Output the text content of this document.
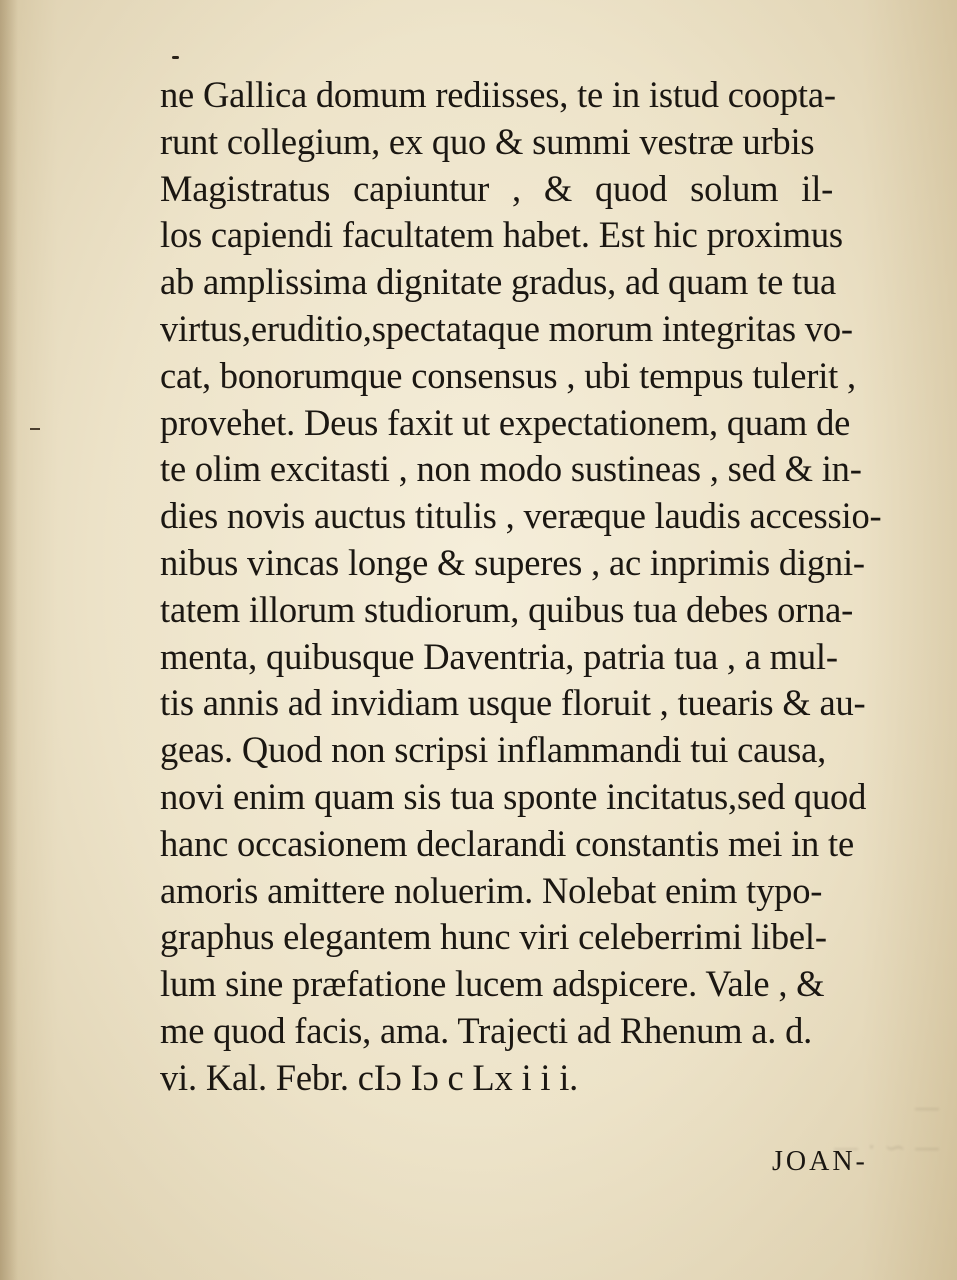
—
— ~ · —
ne Gallica domum rediisses, te in istud coopta-
runt collegium, ex quo & summi vestræ urbis
Magistratus capiuntur , & quod solum il-
los capiendi facultatem habet. Est hic proximus
ab amplissima dignitate gradus, ad quam te tua
virtus,eruditio,spectataque morum integritas vo-
cat, bonorumque consensus , ubi tempus tulerit ,
provehet. Deus faxit ut expectationem, quam de
te olim excitasti , non modo sustineas , sed & in-
dies novis auctus titulis , veræque laudis accessio-
nibus vincas longe & superes , ac inprimis digni-
tatem illorum studiorum, quibus tua debes orna-
menta, quibusque Daventria, patria tua , a mul-
tis annis ad invidiam usque floruit , tuearis & au-
geas. Quod non scripsi inflammandi tui causa,
novi enim quam sis tua sponte incitatus,sed quod
hanc occasionem declarandi constantis mei in te
amoris amittere noluerim. Nolebat enim typo-
graphus elegantem hunc viri celeberrimi libel-
lum sine præfatione lucem adspicere. Vale , &
me quod facis, ama. Trajecti ad Rhenum a. d.
vi. Kal. Febr. cIɔ Iɔ c Lx i i i.
JOAN-
